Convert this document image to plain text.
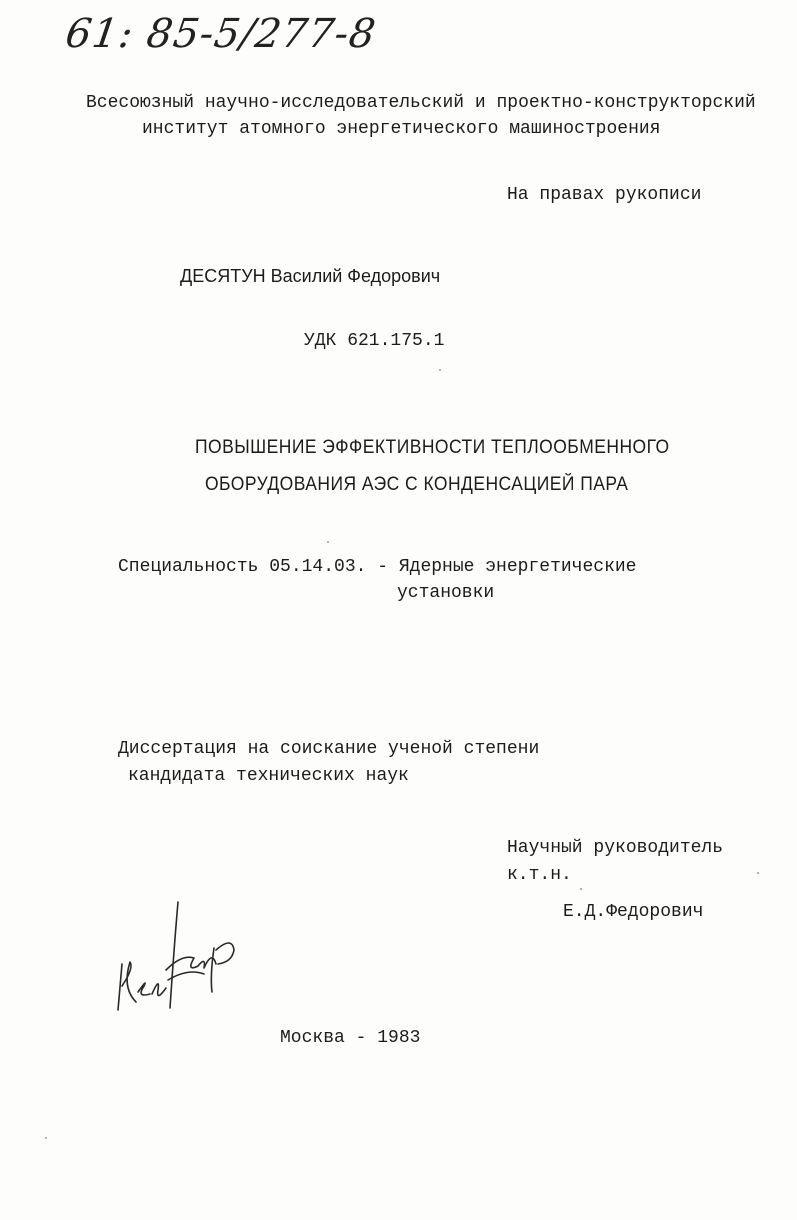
61: 85-5/277-8
Всесоюзный научно-исследовательский и проектно-конструкторский
институт атомного энергетического машиностроения
На правах рукописи
ДЕСЯТУН Василий Федорович
УДК 621.175.1
ПОВЫШЕНИЕ ЭФФЕКТИВНОСТИ ТЕПЛООБМЕННОГО
ОБОРУДОВАНИЯ АЭС С КОНДЕНСАЦИЕЙ ПАРА
Специальность 05.14.03. - Ядерные энергетические
установки
Диссертация на соискание ученой степени
кандидата технических наук
Научный руководитель
к.т.н.
Е.Д.Федорович
Москва - 1983
